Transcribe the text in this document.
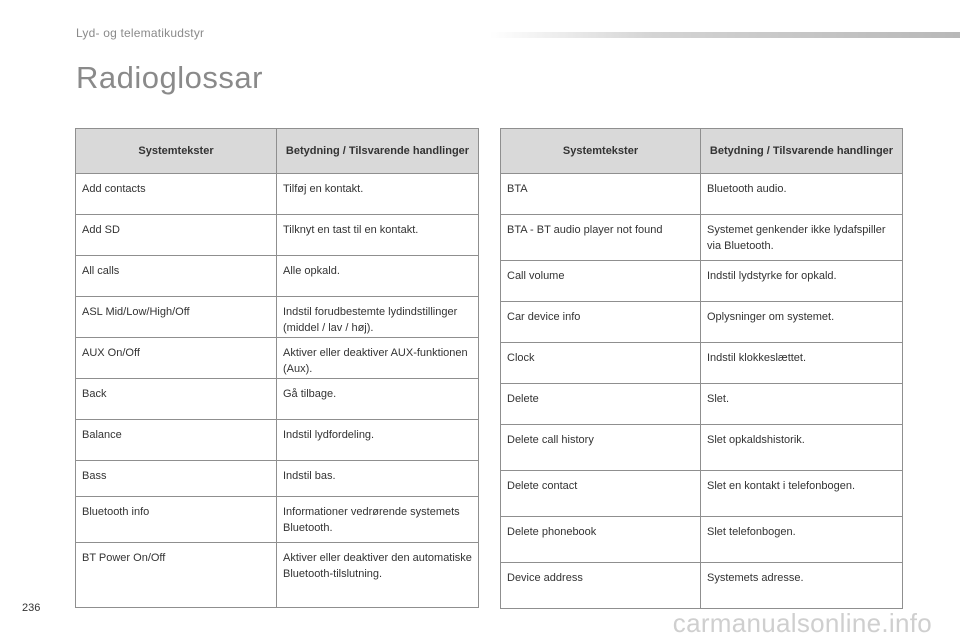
Lyd- og telematikudstyr
Radioglossar
Systemtekster	Betydning / Tilsvarende handlinger
Add contacts	Tilføj en kontakt.
Add SD	Tilknyt en tast til en kontakt.
All calls	Alle opkald.
ASL Mid/Low/High/Off	Indstil forudbestemte lydindstillinger (middel / lav / høj).
AUX On/Off	Aktiver eller deaktiver AUX-funktionen (Aux).
Back	Gå tilbage.
Balance	Indstil lydfordeling.
Bass	Indstil bas.
Bluetooth info	Informationer vedrørende systemets Bluetooth.
BT Power On/Off	Aktiver eller deaktiver den automatiske Bluetooth-tilslutning.
Systemtekster	Betydning / Tilsvarende handlinger
BTA	Bluetooth audio.
BTA - BT audio player not found	Systemet genkender ikke lydafspiller via Bluetooth.
Call volume	Indstil lydstyrke for opkald.
Car device info	Oplysninger om systemet.
Clock	Indstil klokkeslættet.
Delete	Slet.
Delete call history	Slet opkaldshistorik.
Delete contact	Slet en kontakt i telefonbogen.
Delete phonebook	Slet telefonbogen.
Device address	Systemets adresse.
236	carmanualsonline.info
